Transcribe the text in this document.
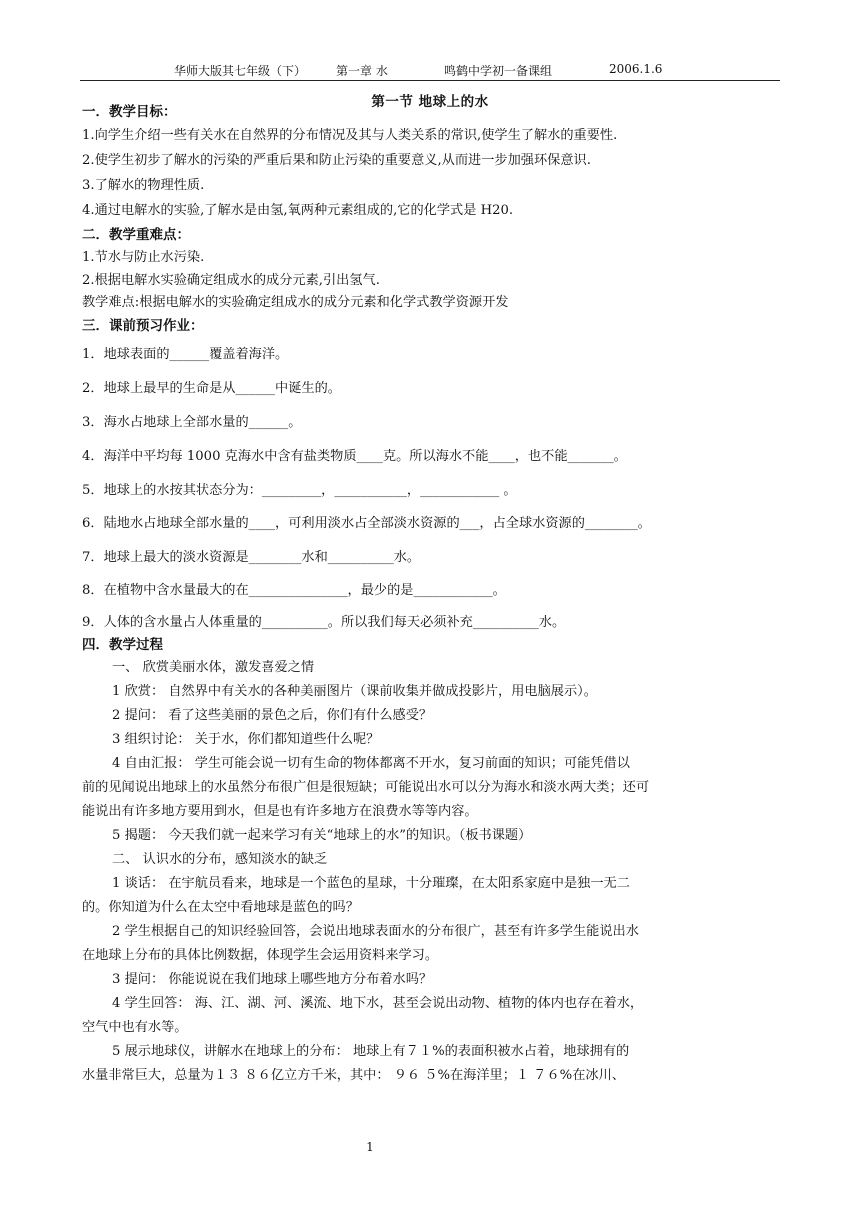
华师大版其七年级（下） 第一章 水	鸣鹤中学初一备课组	2006.1.6
第一节 地球上的水
一．教学目标：
1.向学生介绍一些有关水在自然界的分布情况及其与人类关系的常识,使学生了解水的重要性.
2.使学生初步了解水的污染的严重后果和防止污染的重要意义,从而进一步加强环保意识.
3.了解水的物理性质.
4.通过电解水的实验,了解水是由氢,氧两种元素组成的,它的化学式是 H20.
二．教学重难点：
1.节水与防止水污染.
2.根据电解水实验确定组成水的成分元素,引出氢气.
教学难点:根据电解水的实验确定组成水的成分元素和化学式教学资源开发
三．课前预习作业：
1．地球表面的______覆盖着海洋。
2．地球上最早的生命是从______中诞生的。
3．海水占地球上全部水量的______。
4．海洋中平均每 1000 克海水中含有盐类物质____克。所以海水不能____，也不能_______。
5．地球上的水按其状态分为：_________，___________，____________ 。
6．陆地水占地球全部水量的____，可利用淡水占全部淡水资源的___，占全球水资源的________。
7．地球上最大的淡水资源是________水和__________水。
8．在植物中含水量最大的在_______________，最少的是____________。
9．人体的含水量占人体重量的__________。所以我们每天必须补充__________水。
四．教学过程
一、 欣赏美丽水体，激发喜爱之情
1 欣赏： 自然界中有关水的各种美丽图片（课前收集并做成投影片，用电脑展示）。
2 提问： 看了这些美丽的景色之后，你们有什么感受？
3 组织讨论： 关于水，你们都知道些什么呢？
4 自由汇报： 学生可能会说一切有生命的物体都离不开水，复习前面的知识；可能凭借以
前的见闻说出地球上的水虽然分布很广但是很短缺；可能说出水可以分为海水和淡水两大类；还可
能说出有许多地方要用到水，但是也有许多地方在浪费水等等内容。
5 揭题： 今天我们就一起来学习有关“地球上的水”的知识。（板书课题）
二、 认识水的分布，感知淡水的缺乏
1 谈话： 在宇航员看来，地球是一个蓝色的星球，十分璀璨，在太阳系家庭中是独一无二
的。你知道为什么在太空中看地球是蓝色的吗？
2 学生根据自己的知识经验回答，会说出地球表面水的分布很广，甚至有许多学生能说出水
在地球上分布的具体比例数据，体现学生会运用资料来学习。
3 提问： 你能说说在我们地球上哪些地方分布着水吗？
4 学生回答： 海、江、湖、河、溪流、地下水，甚至会说出动物、植物的体内也存在着水，
空气中也有水等。
5 展示地球仪，讲解水在地球上的分布： 地球上有７１%的表面积被水占着，地球拥有的
水量非常巨大，总量为１３ ８６亿立方千米，其中： ９６ ５%在海洋里；１ ７６%在冰川、
1
